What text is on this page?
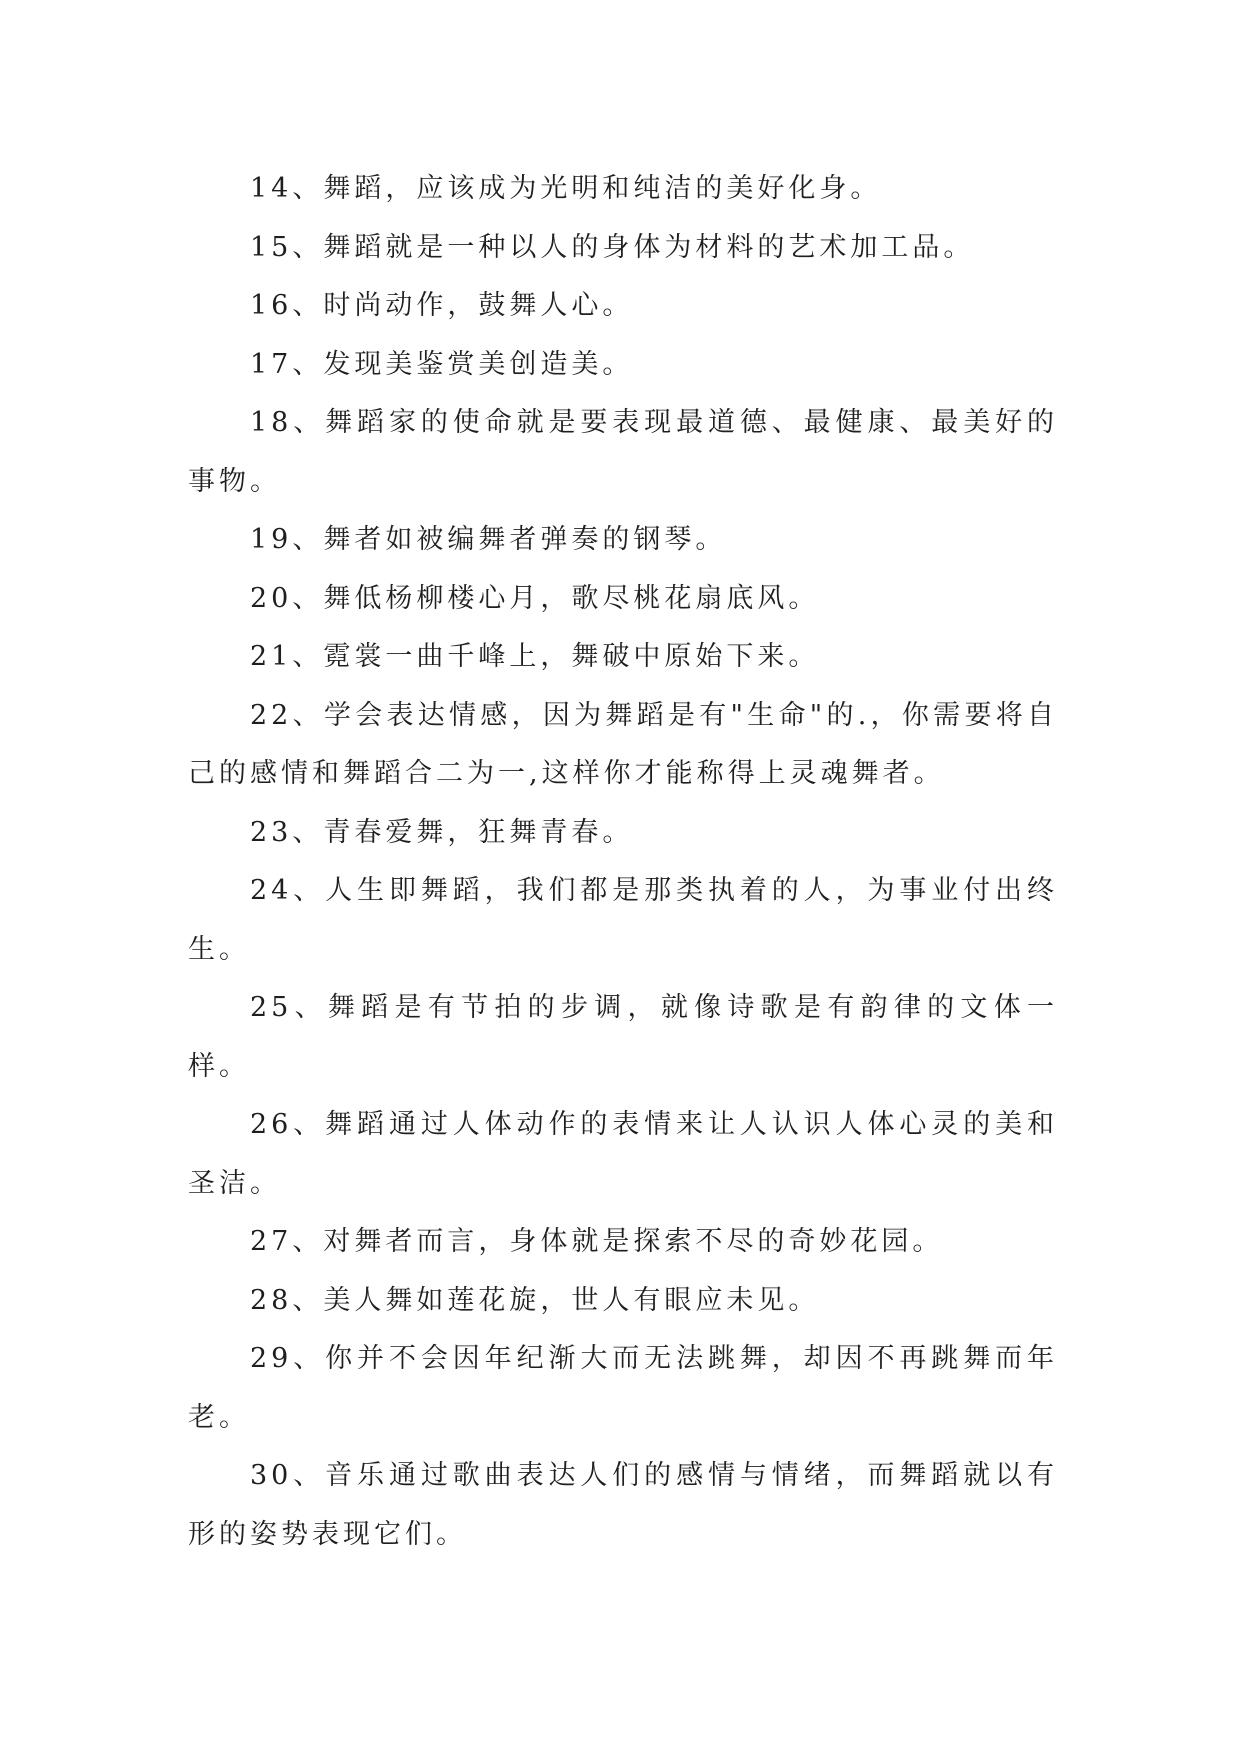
14、舞蹈，应该成为光明和纯洁的美好化身。

15、舞蹈就是一种以人的身体为材料的艺术加工品。

16、时尚动作，鼓舞人心。

17、发现美鉴赏美创造美。

18、舞蹈家的使命就是要表现最道德、最健康、最美好的事物。

19、舞者如被编舞者弹奏的钢琴。

20、舞低杨柳楼心月，歌尽桃花扇底风。

21、霓裳一曲千峰上，舞破中原始下来。

22、学会表达情感，因为舞蹈是有"生命"的.，你需要将自己的感情和舞蹈合二为一,这样你才能称得上灵魂舞者。

23、青春爱舞，狂舞青春。

24、人生即舞蹈，我们都是那类执着的人，为事业付出终生。

25、舞蹈是有节拍的步调，就像诗歌是有韵律的文体一样。

26、舞蹈通过人体动作的表情来让人认识人体心灵的美和圣洁。

27、对舞者而言，身体就是探索不尽的奇妙花园。

28、美人舞如莲花旋，世人有眼应未见。

29、你并不会因年纪渐大而无法跳舞，却因不再跳舞而年老。

30、音乐通过歌曲表达人们的感情与情绪，而舞蹈就以有形的姿势表现它们。
